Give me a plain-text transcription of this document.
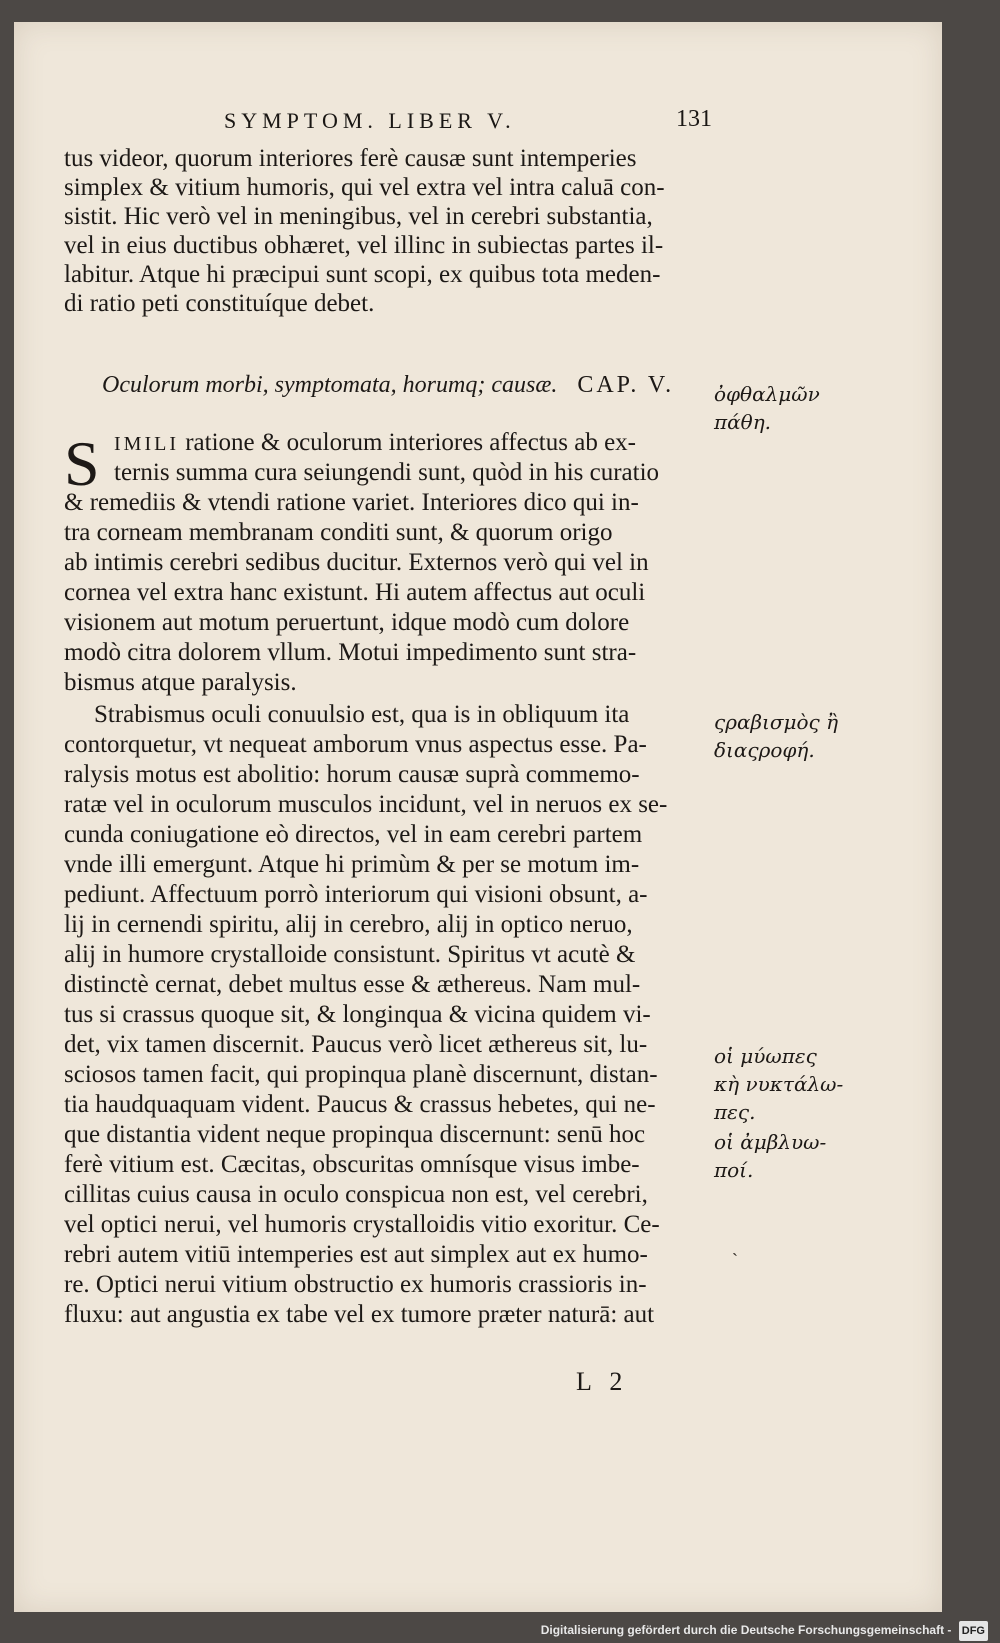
SYMPTOM. LIBER V.	131
tus videor, quorum interiores ferè causæ sunt intemperies
simplex & vitium humoris, qui vel extra vel intra caluā con-
sistit. Hic verò vel in meningibus, vel in cerebri substantia,
vel in eius ductibus obhæret, vel illinc in subiectas partes il-
labitur. Atque hi præcipui sunt scopi, ex quibus tota meden-
di ratio peti constituíque debet.
Oculorum morbi, symptomata, horumq; causæ. CAP. V.
S IMILI ratione & oculorum interiores affectus ab ex-
ternis summa cura seiungendi sunt, quòd in his curatio
& remediis & vtendi ratione variet. Interiores dico qui in-
tra corneam membranam conditi sunt, & quorum origo
ab intimis cerebri sedibus ducitur. Externos verò qui vel in
cornea vel extra hanc existunt. Hi autem affectus aut oculi
visionem aut motum peruertunt, idque modò cum dolore
modò citra dolorem vllum. Motui impedimento sunt stra-
bismus atque paralysis.
Strabismus oculi conuulsio est, qua is in obliquum ita
contorquetur, vt nequeat amborum vnus aspectus esse. Pa-
ralysis motus est abolitio: horum causæ suprà commemo-
ratæ vel in oculorum musculos incidunt, vel in neruos ex se-
cunda coniugatione eò directos, vel in eam cerebri partem
vnde illi emergunt. Atque hi primùm & per se motum im-
pediunt. Affectuum porrò interiorum qui visioni obsunt, a-
lij in cernendi spiritu, alij in cerebro, alij in optico neruo,
alij in humore crystalloide consistunt. Spiritus vt acutè &
distinctè cernat, debet multus esse & æthereus. Nam mul-
tus si crassus quoque sit, & longinqua & vicina quidem vi-
det, vix tamen discernit. Paucus verò licet æthereus sit, lu-
sciosos tamen facit, qui propinqua planè discernunt, distan-
tia haudquaquam vident. Paucus & crassus hebetes, qui ne-
que distantia vident neque propinqua discernunt: senū hoc
ferè vitium est. Cæcitas, obscuritas omnísque visus imbe-
cillitas cuius causa in oculo conspicua non est, vel cerebri,
vel optici nerui, vel humoris crystalloidis vitio exoritur. Ce-
rebri autem vitiū intemperies est aut simplex aut ex humo-
re. Optici nerui vitium obstructio ex humoris crassioris in-
fluxu: aut angustia ex tabe vel ex tumore præter naturā: aut
ὀφθαλμῶν
πάθη.
ςραβισμὸς ἢ
διαςροφή.
οἱ μύωπες
κὴ νυκτάλω-
πες.
οἱ ἀμβλυω-
ποί.
`
L 2
Digitalisierung gefördert durch die Deutsche Forschungsgemeinschaft - DFG
